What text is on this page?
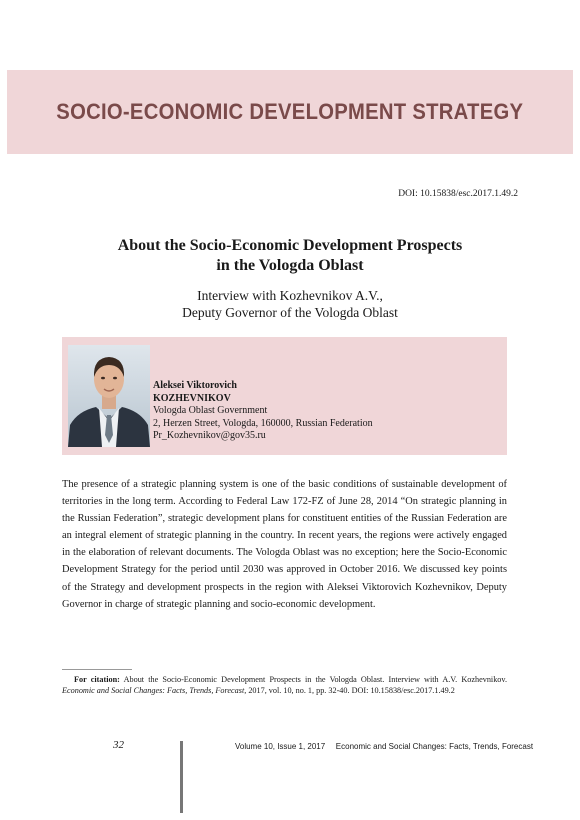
SOCIO-ECONOMIC DEVELOPMENT STRATEGY
DOI: 10.15838/esc.2017.1.49.2
About the Socio-Economic Development Prospects
in the Vologda Oblast
Interview with Kozhevnikov A.V.,
Deputy Governor of the Vologda Oblast
Aleksei Viktorovich
KOZHEVNIKOV
Vologda Oblast Government
2, Herzen Street, Vologda, 160000, Russian Federation
Pr_Kozhevnikov@gov35.ru
The presence of a strategic planning system is one of the basic conditions of sustainable development of territories in the long term. According to Federal Law 172-FZ of June 28, 2014 “On strategic planning in the Russian Federation”, strategic development plans for constituent entities of the Russian Federation are an integral element of strategic planning in the country. In recent years, the regions were actively engaged in the elaboration of relevant documents. The Vologda Oblast was no exception; here the Socio-Economic Development Strategy for the period until 2030 was approved in October 2016. We discussed key points of the Strategy and development prospects in the region with Aleksei Viktorovich Kozhevnikov, Deputy Governor in charge of strategic planning and socio-economic development.
For citation: About the Socio-Economic Development Prospects in the Vologda Oblast. Interview with A.V. Kozhevnikov. Economic and Social Changes: Facts, Trends, Forecast, 2017, vol. 10, no. 1, pp. 32-40. DOI: 10.15838/esc.2017.1.49.2
32	Volume 10, Issue 1, 2017 Economic and Social Changes: Facts, Trends, Forecast
